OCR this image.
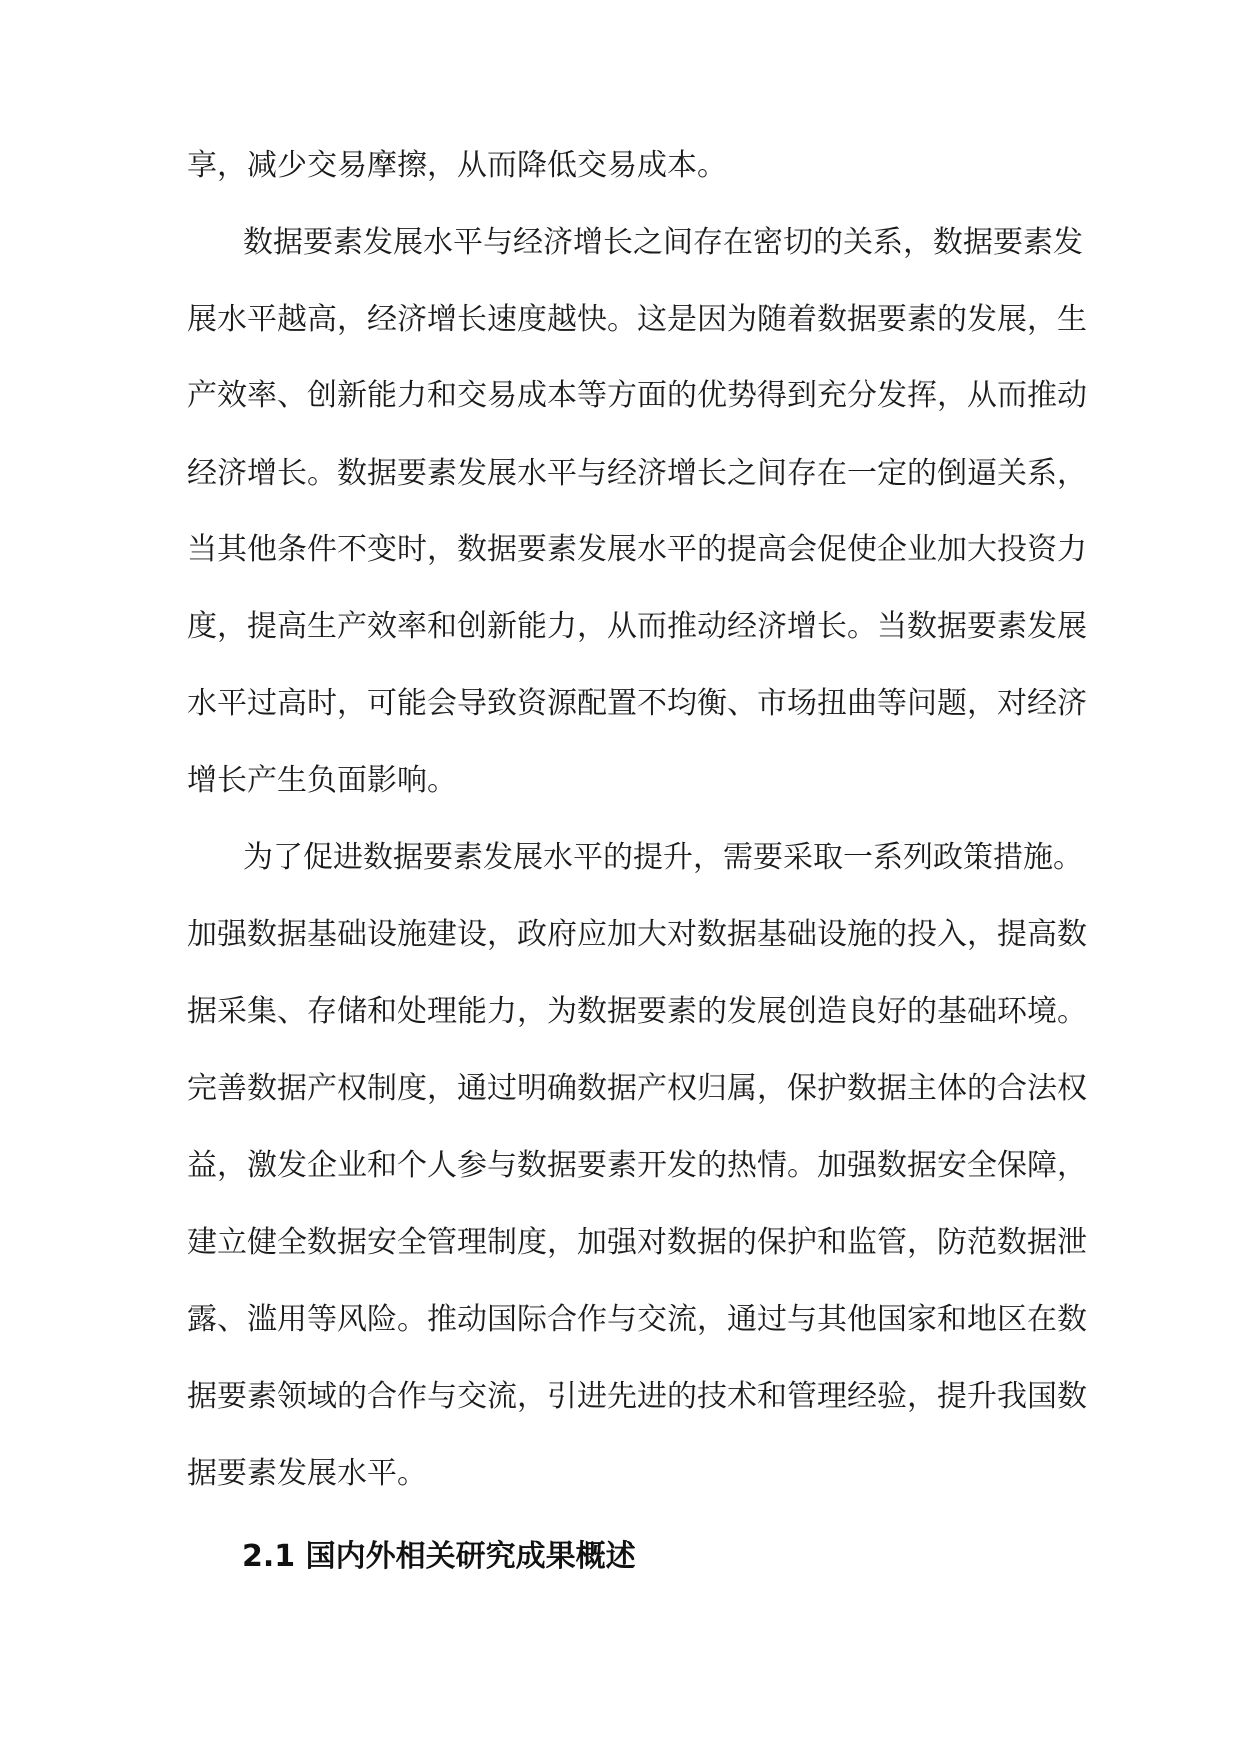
享，减少交易摩擦，从而降低交易成本。
数据要素发展水平与经济增长之间存在密切的关系，数据要素发
展水平越高，经济增长速度越快。这是因为随着数据要素的发展，生
产效率、创新能力和交易成本等方面的优势得到充分发挥，从而推动
经济增长。数据要素发展水平与经济增长之间存在一定的倒逼关系，
当其他条件不变时，数据要素发展水平的提高会促使企业加大投资力
度，提高生产效率和创新能力，从而推动经济增长。当数据要素发展
水平过高时，可能会导致资源配置不均衡、市场扭曲等问题，对经济
增长产生负面影响。
为了促进数据要素发展水平的提升，需要采取一系列政策措施。
加强数据基础设施建设，政府应加大对数据基础设施的投入，提高数
据采集、存储和处理能力，为数据要素的发展创造良好的基础环境。
完善数据产权制度，通过明确数据产权归属，保护数据主体的合法权
益，激发企业和个人参与数据要素开发的热情。加强数据安全保障，
建立健全数据安全管理制度，加强对数据的保护和监管，防范数据泄
露、滥用等风险。推动国际合作与交流，通过与其他国家和地区在数
据要素领域的合作与交流，引进先进的技术和管理经验，提升我国数
据要素发展水平。
2.1 国内外相关研究成果概述
